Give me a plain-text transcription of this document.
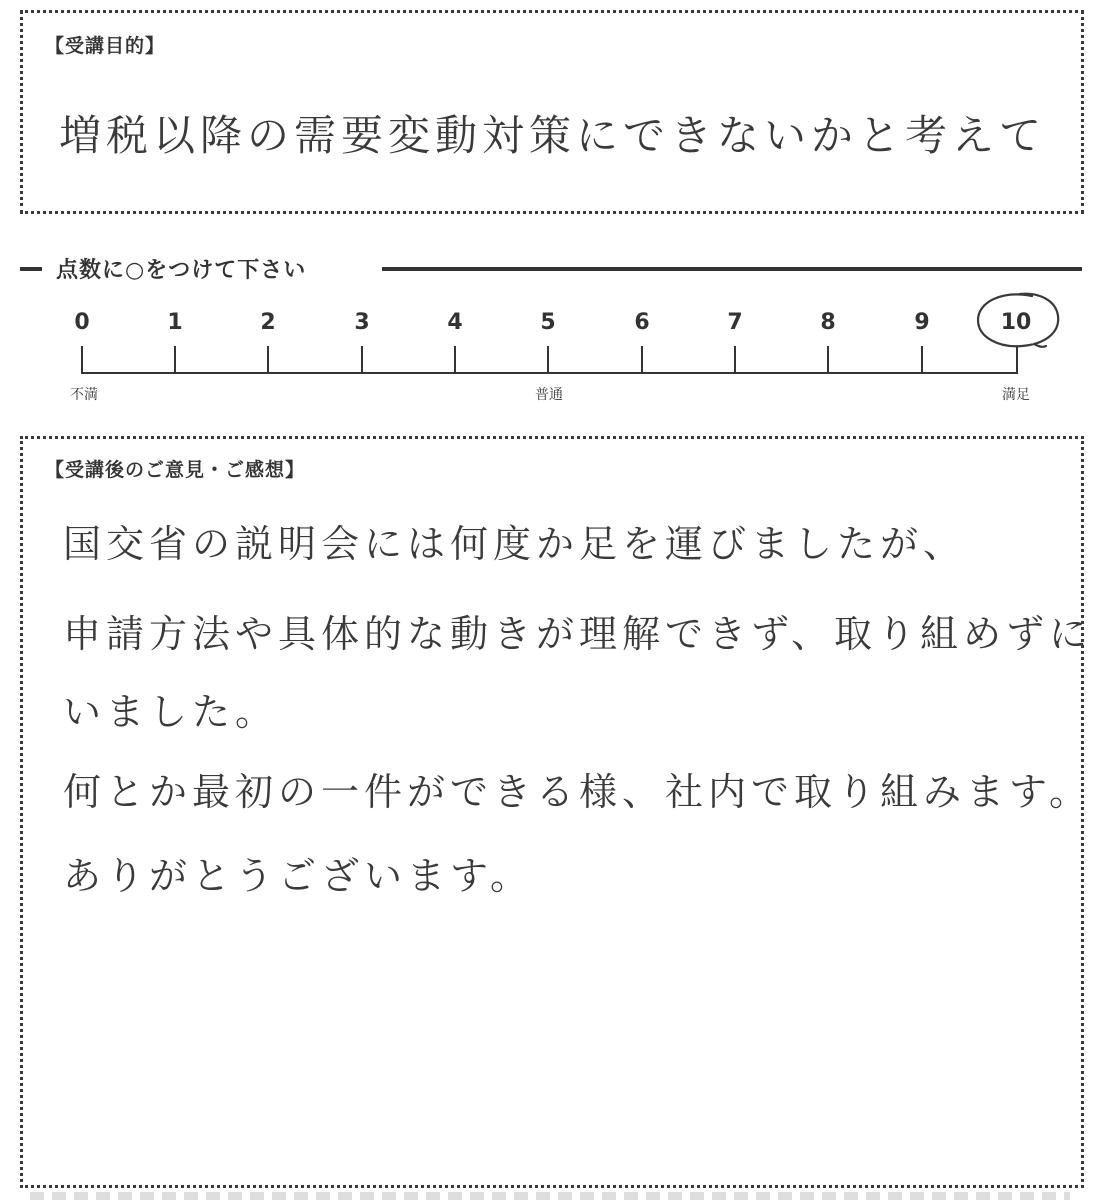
【受講目的】
増税以降の需要変動対策にできないかと考えて
点数に○をつけて下さい
0	1	2	3	4	5	6	7	8	9	10
不満	普通	満足
【受講後のご意見・ご感想】
国交省の説明会には何度か足を運びましたが、
申請方法や具体的な動きが理解できず、取り組めずに
いました。
何とか最初の一件ができる様、社内で取り組みます。
ありがとうございます。
